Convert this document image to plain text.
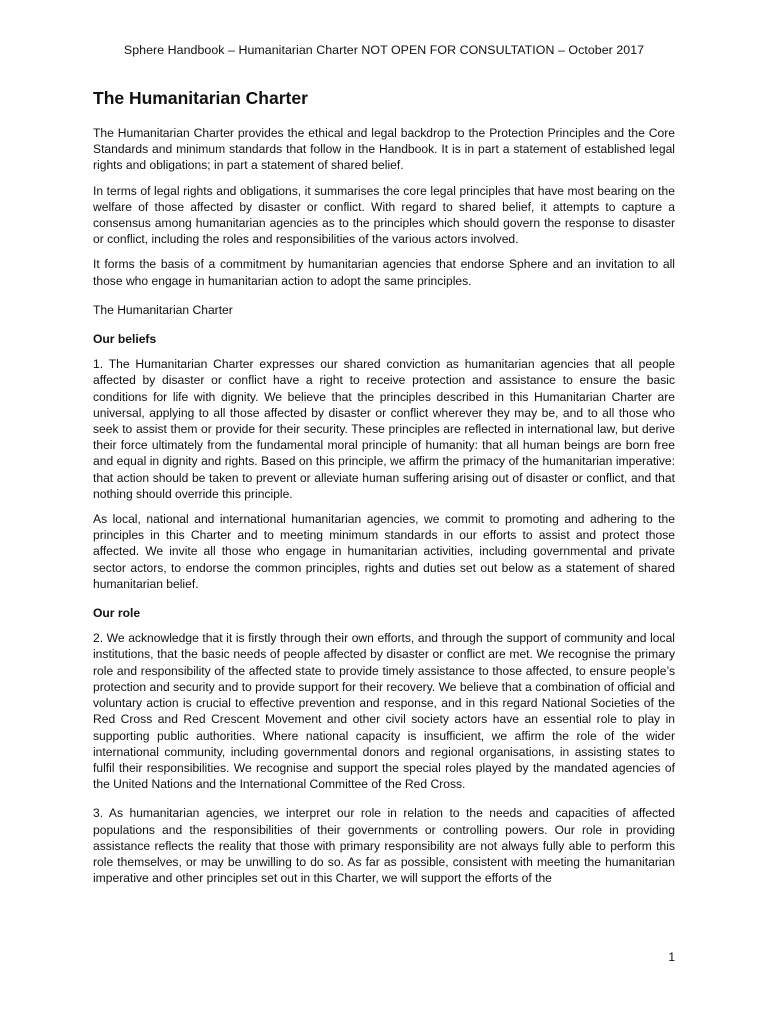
Sphere Handbook – Humanitarian Charter NOT OPEN FOR CONSULTATION – October 2017
The Humanitarian Charter

The Humanitarian Charter provides the ethical and legal backdrop to the Protection Principles and the Core Standards and minimum standards that follow in the Handbook. It is in part a statement of established legal rights and obligations; in part a statement of shared belief.

In terms of legal rights and obligations, it summarises the core legal principles that have most bearing on the welfare of those affected by disaster or conflict. With regard to shared belief, it attempts to capture a consensus among humanitarian agencies as to the principles which should govern the response to disaster or conflict, including the roles and responsibilities of the various actors involved.

It forms the basis of a commitment by humanitarian agencies that endorse Sphere and an invitation to all those who engage in humanitarian action to adopt the same principles.

The Humanitarian Charter
Our beliefs

1. The Humanitarian Charter expresses our shared conviction as humanitarian agencies that all people affected by disaster or conflict have a right to receive protection and assistance to ensure the basic conditions for life with dignity. We believe that the principles described in this Humanitarian Charter are universal, applying to all those affected by disaster or conflict wherever they may be, and to all those who seek to assist them or provide for their security. These principles are reflected in international law, but derive their force ultimately from the fundamental moral principle of humanity: that all human beings are born free and equal in dignity and rights. Based on this principle, we affirm the primacy of the humanitarian imperative: that action should be taken to prevent or alleviate human suffering arising out of disaster or conflict, and that nothing should override this principle.

As local, national and international humanitarian agencies, we commit to promoting and adhering to the principles in this Charter and to meeting minimum standards in our efforts to assist and protect those affected. We invite all those who engage in humanitarian activities, including governmental and private sector actors, to endorse the common principles, rights and duties set out below as a statement of shared humanitarian belief.

Our role

2. We acknowledge that it is firstly through their own efforts, and through the support of community and local institutions, that the basic needs of people affected by disaster or conflict are met. We recognise the primary role and responsibility of the affected state to provide timely assistance to those affected, to ensure people’s protection and security and to provide support for their recovery. We believe that a combination of official and voluntary action is crucial to effective prevention and response, and in this regard National Societies of the Red Cross and Red Crescent Movement and other civil society actors have an essential role to play in supporting public authorities. Where national capacity is insufficient, we affirm the role of the wider international community, including governmental donors and regional organisations, in assisting states to fulfil their responsibilities. We recognise and support the special roles played by the mandated agencies of the United Nations and the International Committee of the Red Cross.

3. As humanitarian agencies, we interpret our role in relation to the needs and capacities of affected populations and the responsibilities of their governments or controlling powers. Our role in providing assistance reflects the reality that those with primary responsibility are not always fully able to perform this role themselves, or may be unwilling to do so. As far as possible, consistent with meeting the humanitarian imperative and other principles set out in this Charter, we will support the efforts of the

1
